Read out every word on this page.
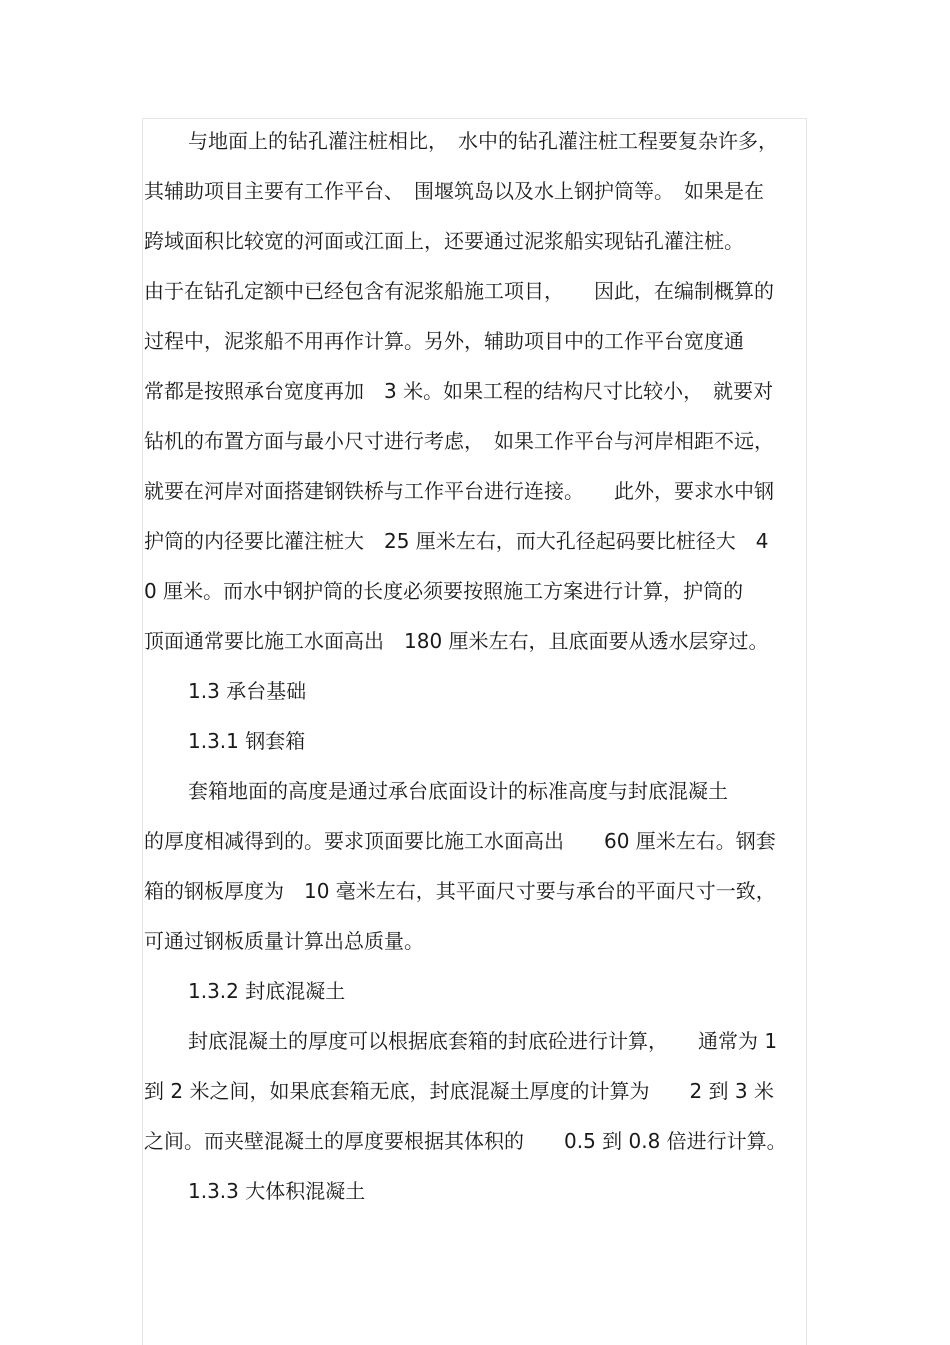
与地面上的钻孔灌注桩相比，　水中的钻孔灌注桩工程要复杂许多，
其辅助项目主要有工作平台、　围堰筑岛以及水上钢护筒等。　如果是在
跨域面积比较宽的河面或江面上，还要通过泥浆船实现钻孔灌注桩。
由于在钻孔定额中已经包含有泥浆船施工项目，　　因此，在编制概算的
过程中，泥浆船不用再作计算。另外，辅助项目中的工作平台宽度通
常都是按照承台宽度再加　3 米。如果工程的结构尺寸比较小，　就要对
钻机的布置方面与最小尺寸进行考虑，　如果工作平台与河岸相距不远，
就要在河岸对面搭建钢铁桥与工作平台进行连接。　　此外，要求水中钢
护筒的内径要比灌注桩大　25 厘米左右，而大孔径起码要比桩径大　4
0 厘米。而水中钢护筒的长度必须要按照施工方案进行计算，护筒的
顶面通常要比施工水面高出　180 厘米左右，且底面要从透水层穿过。
1.3 承台基础
1.3.1 钢套箱
套箱地面的高度是通过承台底面设计的标准高度与封底混凝土
的厚度相减得到的。要求顶面要比施工水面高出　　60 厘米左右。钢套
箱的钢板厚度为　10 毫米左右，其平面尺寸要与承台的平面尺寸一致，
可通过钢板质量计算出总质量。
1.3.2 封底混凝土
封底混凝土的厚度可以根据底套箱的封底砼进行计算，　　通常为 1
到 2 米之间，如果底套箱无底，封底混凝土厚度的计算为　　2 到 3 米
之间。而夹壁混凝土的厚度要根据其体积的　　0.5 到 0.8 倍进行计算。
1.3.3 大体积混凝土
